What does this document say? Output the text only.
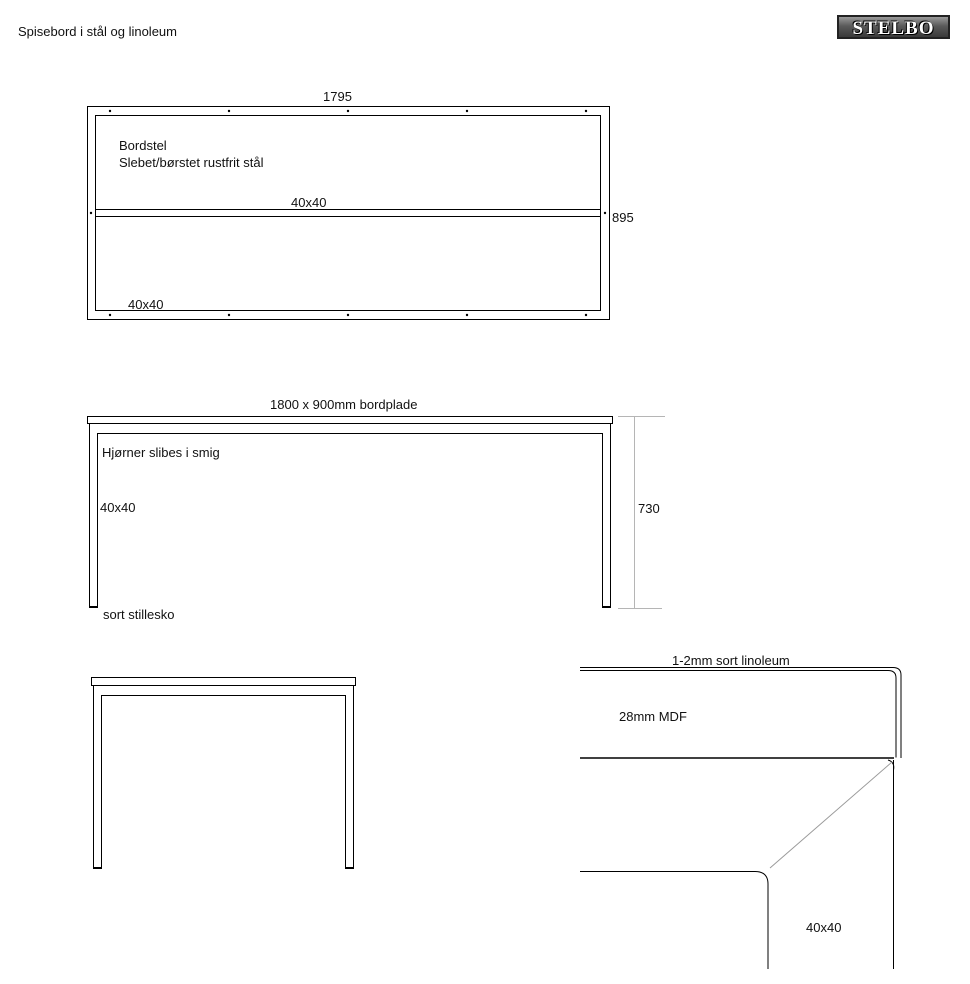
Spisebord i stål og linoleum	STELBO
1795
895
Bordstel
Slebet/børstet rustfrit stål
40x40
40x40
1800 x 900mm bordplade
Hjørner slibes i smig
40x40	730
sort stillesko
1-2mm sort linoleum
28mm MDF
40x40
